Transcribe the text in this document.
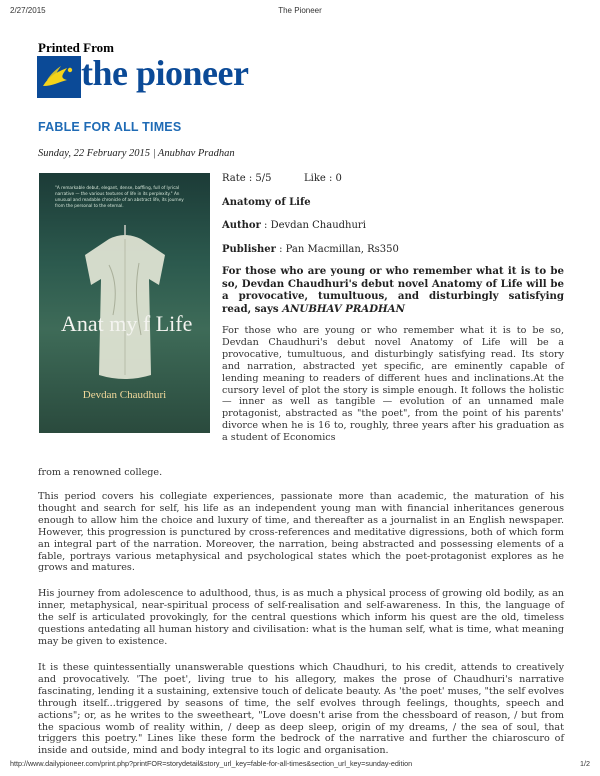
2/27/2015	The Pioneer
Printed From
the pioneer
FABLE FOR ALL TIMES
Sunday, 22 February 2015 | Anubhav Pradhan
"A remarkable debut, elegant, dense, baffling, full of lyrical narrative — the various textures of life in its perplexity." An unusual and readable chronicle of an abstract life, its journey from the personal to the eternal.
Anat my f Life
Devdan Chaudhuri
Rate : 5/5	Like : 0
Anatomy of Life
Author : Devdan Chaudhuri
Publisher : Pan Macmillan, Rs350
For those who are young or who remember what it is to be so, Devdan Chaudhuri's debut novel Anatomy of Life will be a provocative, tumultuous, and disturbingly satisfying read, says ANUBHAV PRADHAN

For those who are young or who remember what it is to be so, Devdan Chaudhuri's debut novel Anatomy of Life will be a provocative, tumultuous, and disturbingly satisfying read. Its story and narration, abstracted yet specific, are eminently capable of lending meaning to readers of different hues and inclinations.At the cursory level of plot the story is simple enough. It follows the holistic — inner as well as tangible — evolution of an unnamed male protagonist, abstracted as "the poet", from the point of his parents' divorce when he is 16 to, roughly, three years after his graduation as a student of Economics

from a renowned college.

This period covers his collegiate experiences, passionate more than academic, the maturation of his thought and search for self, his life as an independent young man with financial inheritances generous enough to allow him the choice and luxury of time, and thereafter as a journalist in an English newspaper. However, this progression is punctured by cross-references and meditative digressions, both of which form an integral part of the narration. Moreover, the narration, being abstracted and possessing elements of a fable, portrays various metaphysical and psychological states which the poet-protagonist explores as he grows and matures.

His journey from adolescence to adulthood, thus, is as much a physical process of growing old bodily, as an inner, metaphysical, near-spiritual process of self-realisation and self-awareness. In this, the language of the self is articulated provokingly, for the central questions which inform his quest are the old, timeless questions antedating all human history and civilisation: what is the human self, what is time, what meaning may be given to existence.

It is these quintessentially unanswerable questions which Chaudhuri, to his credit, attends to creatively and provocatively. 'The poet', living true to his allegory, makes the prose of Chaudhuri's narrative fascinating, lending it a sustaining, extensive touch of delicate beauty. As 'the poet' muses, "the self evolves through itself...triggered by seasons of time, the self evolves through feelings, thoughts, speech and actions"; or, as he writes to the sweetheart, "Love doesn't arise from the chessboard of reason, / but from the spacious womb of reality within, / deep as deep sleep, origin of my dreams, / the sea of soul, that triggers this poetry." Lines like these form the bedrock of the narrative and further the chiaroscuro of inside and outside, mind and body integral to its logic and organisation.

http://www.dailypioneer.com/print.php?printFOR=storydetail&story_url_key=fable-for-all-times&section_url_key=sunday-edition	1/2
